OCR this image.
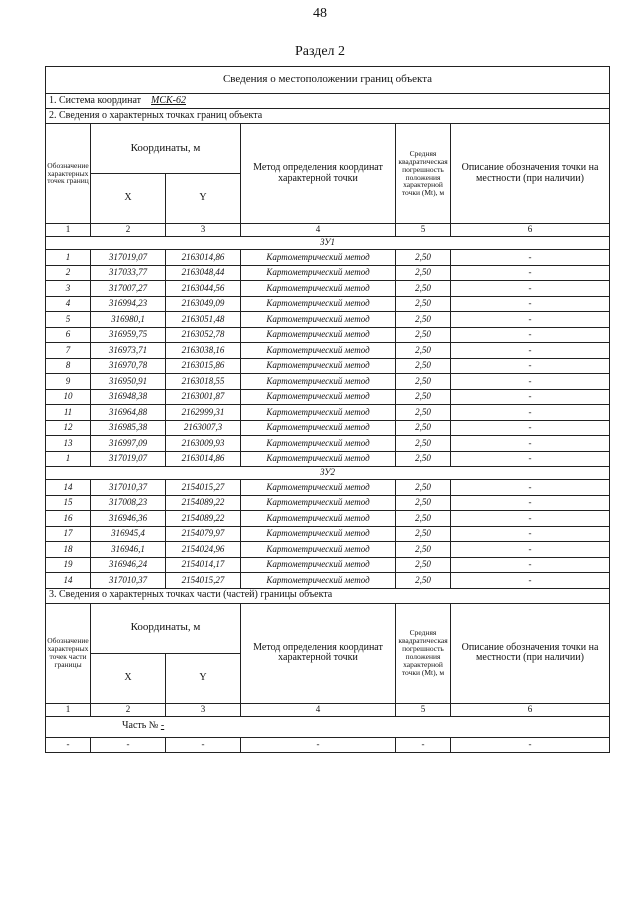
48
Раздел 2
Сведения о местоположении границ объекта					
1. Система координат МСК-62					
2. Сведения о характерных точках границ объекта					
Обозначение характерных точек границ	Координаты, м		Метод определения координат характерной точки	Средняя квадратическая погрешность положения характерной точки (Mt), м	Описание обозначения точки на местности (при наличии)
	X	Y			
1	2	3	4	5	6
ЗУ1					
1	317019,07	2163014,86	Картометрический метод	2,50	-
2	317033,77	2163048,44	Картометрический метод	2,50	-
3	317007,27	2163044,56	Картометрический метод	2,50	-
4	316994,23	2163049,09	Картометрический метод	2,50	-
5	316980,1	2163051,48	Картометрический метод	2,50	-
6	316959,75	2163052,78	Картометрический метод	2,50	-
7	316973,71	2163038,16	Картометрический метод	2,50	-
8	316970,78	2163015,86	Картометрический метод	2,50	-
9	316950,91	2163018,55	Картометрический метод	2,50	-
10	316948,38	2163001,87	Картометрический метод	2,50	-
11	316964,88	2162999,31	Картометрический метод	2,50	-
12	316985,38	2163007,3	Картометрический метод	2,50	-
13	316997,09	2163009,93	Картометрический метод	2,50	-
1	317019,07	2163014,86	Картометрический метод	2,50	-
ЗУ2					
14	317010,37	2154015,27	Картометрический метод	2,50	-
15	317008,23	2154089,22	Картометрический метод	2,50	-
16	316946,36	2154089,22	Картометрический метод	2,50	-
17	316945,4	2154079,97	Картометрический метод	2,50	-
18	316946,1	2154024,96	Картометрический метод	2,50	-
19	316946,24	2154014,17	Картометрический метод	2,50	-
14	317010,37	2154015,27	Картометрический метод	2,50	-
3. Сведения о характерных точках части (частей) границы объекта					
Обозначение характерных точек части границы	Координаты, м		Метод определения координат характерной точки	Средняя квадратическая погрешность положения характерной точки (Mt), м	Описание обозначения точки на местности (при наличии)
	X	Y			
1	2	3	4	5	6
Часть № -					
-	-	-	-	-	-
